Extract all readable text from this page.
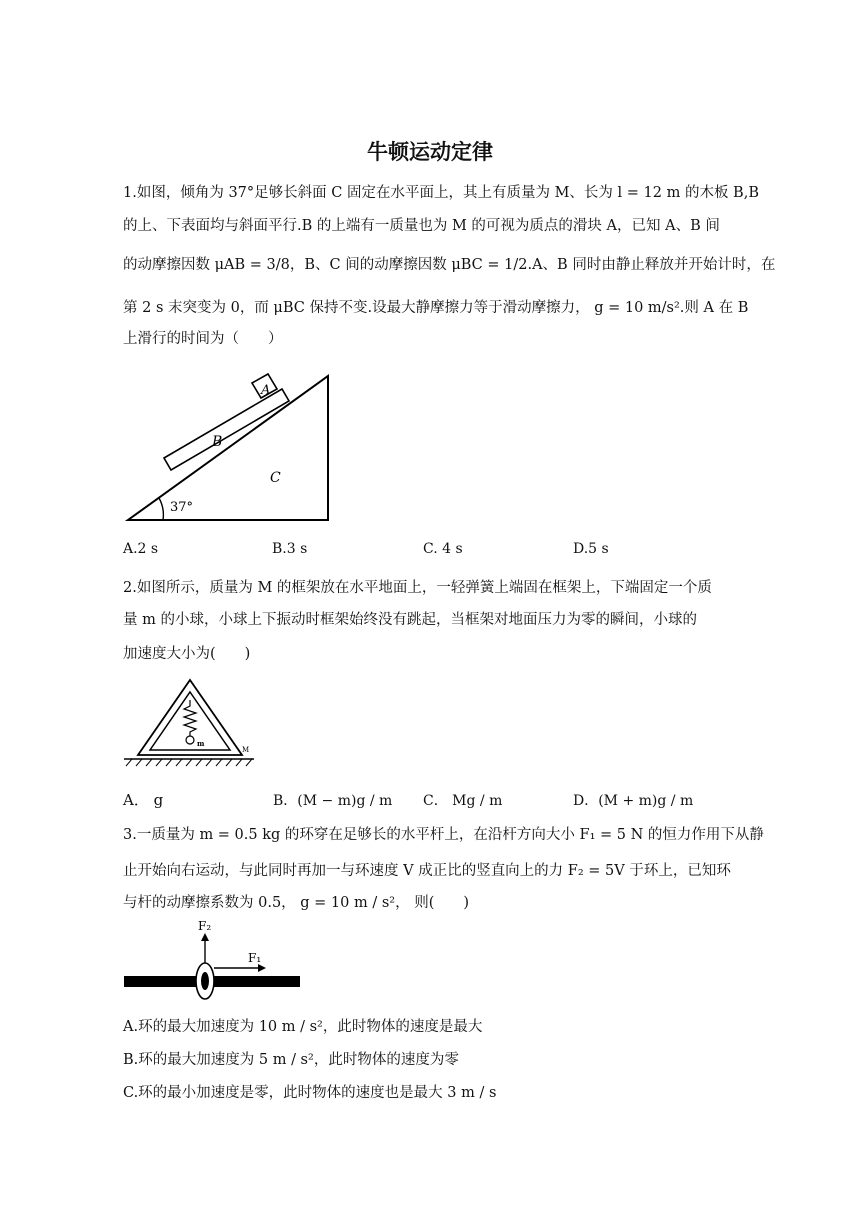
牛顿运动定律
1.如图，倾角为 37°足够长斜面 C 固定在水平面上，其上有质量为 M、长为 l = 12 m 的木板 B,B
的上、下表面均与斜面平行.B 的上端有一质量也为 M 的可视为质点的滑块 A，已知 A、B 间
的动摩擦因数 μAB = 3/8，B、C 间的动摩擦因数 μBC = 1/2.A、B 同时由静止释放并开始计时，在
第 2 s 末突变为 0，而 μBC 保持不变.设最大静摩擦力等于滑动摩擦力， g = 10 m/s².则 A 在 B
上滑行的时间为（　　）
A
B
C
37°
A.2 s	B.3 s	C. 4 s	D.5 s
2.如图所示，质量为 M 的框架放在水平地面上，一轻弹簧上端固在框架上，下端固定一个质
量 m 的小球，小球上下振动时框架始终没有跳起，当框架对地面压力为零的瞬间，小球的
加速度大小为(　　)
m
M
A． g	B．(M − m)g / m C． Mg / m	D．(M + m)g / m
3.一质量为 m = 0.5 kg 的环穿在足够长的水平杆上，在沿杆方向大小 F₁ = 5 N 的恒力作用下从静
止开始向右运动，与此同时再加一与环速度 V 成正比的竖直向上的力 F₂ = 5V 于环上，已知环
与杆的动摩擦系数为 0.5， g = 10 m / s²， 则(　　)
F₂
F₁
A.环的最大加速度为 10 m / s²，此时物体的速度是最大
B.环的最大加速度为 5 m / s²，此时物体的速度为零
C.环的最小加速度是零，此时物体的速度也是最大 3 m / s
